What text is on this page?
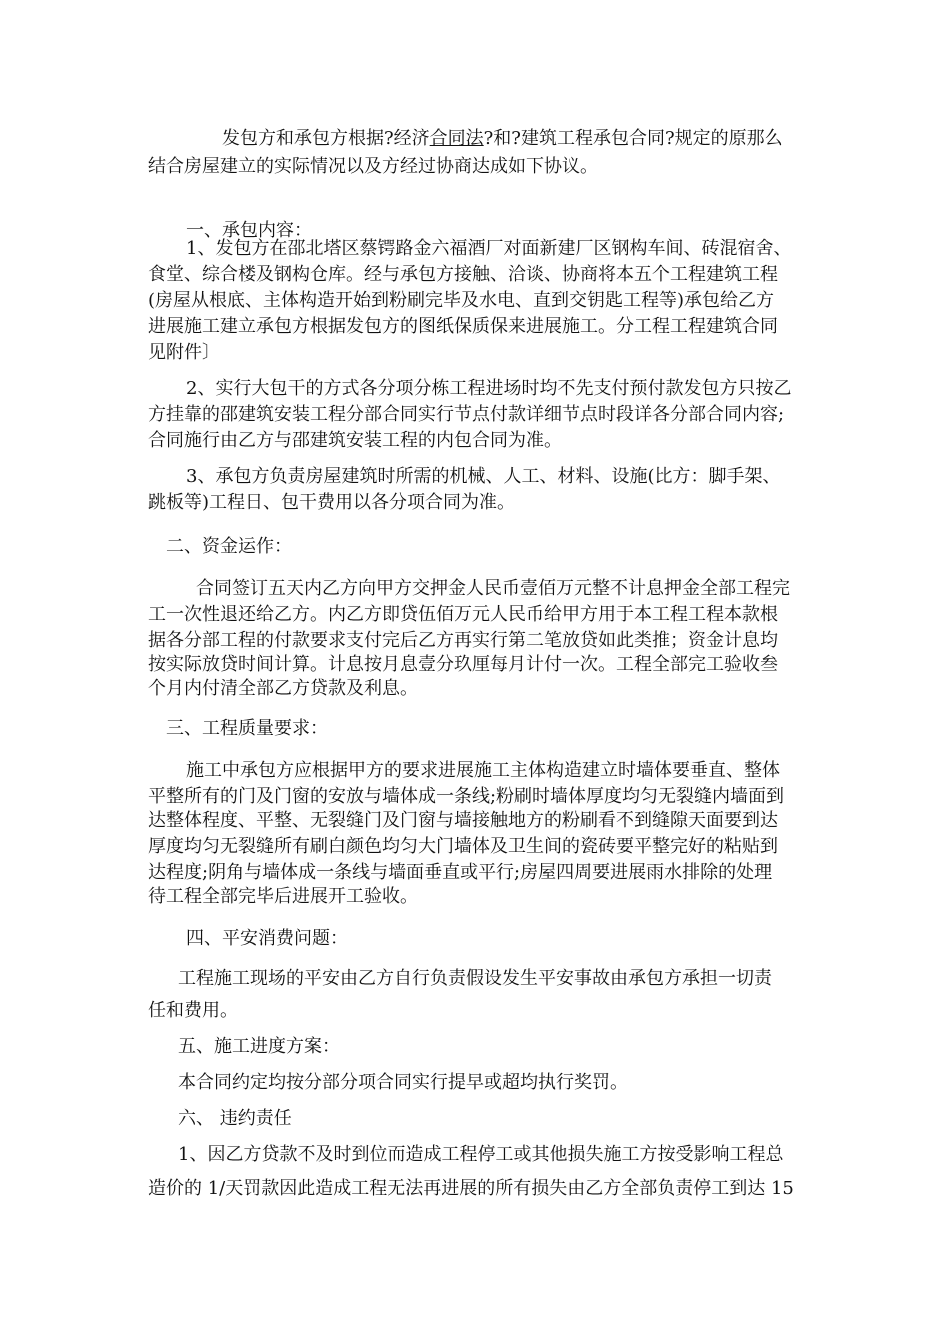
发包方和承包方根据?经济合同法?和?建筑工程承包合同?规定的原那么
结合房屋建立的实际情况以及方经过协商达成如下协议。
一、承包内容：
1、发包方在邵北塔区蔡锷路金六福酒厂对面新建厂区钢构车间、砖混宿舍、
食堂、综合楼及钢构仓库。经与承包方接触、洽谈、协商将本五个工程建筑工程
(房屋从根底、主体构造开始到粉刷完毕及水电、直到交钥匙工程等)承包给乙方
进展施工建立承包方根据发包方的图纸保质保来进展施工。分工程工程建筑合同
见附件〕
2、实行大包干的方式各分项分栋工程进场时均不先支付预付款发包方只按乙
方挂靠的邵建筑安装工程分部合同实行节点付款详细节点时段详各分部合同内容;
合同施行由乙方与邵建筑安装工程的内包合同为准。
3、承包方负责房屋建筑时所需的机械、人工、材料、设施(比方：脚手架、
跳板等)工程日、包干费用以各分项合同为准。
二、资金运作：
合同签订五天内乙方向甲方交押金人民币壹佰万元整不计息押金全部工程完
工一次性退还给乙方。内乙方即贷伍佰万元人民币给甲方用于本工程工程本款根
据各分部工程的付款要求支付完后乙方再实行第二笔放贷如此类推；资金计息均
按实际放贷时间计算。计息按月息壹分玖厘每月计付一次。工程全部完工验收叁
个月内付清全部乙方贷款及利息。
三、工程质量要求：
施工中承包方应根据甲方的要求进展施工主体构造建立时墙体要垂直、整体
平整所有的门及门窗的安放与墙体成一条线;粉刷时墙体厚度均匀无裂缝内墙面到
达整体程度、平整、无裂缝门及门窗与墙接触地方的粉刷看不到缝隙天面要到达
厚度均匀无裂缝所有刷白颜色均匀大门墙体及卫生间的瓷砖要平整完好的粘贴到
达程度;阴角与墙体成一条线与墙面垂直或平行;房屋四周要进展雨水排除的处理
待工程全部完毕后进展开工验收。
四、平安消费问题：
工程施工现场的平安由乙方自行负责假设发生平安事故由承包方承担一切责
任和费用。
五、施工进度方案：
本合同约定均按分部分项合同实行提早或超均执行奖罚。
六、 违约责任
1、因乙方贷款不及时到位而造成工程停工或其他损失施工方按受影响工程总
造价的 1/天罚款因此造成工程无法再进展的所有损失由乙方全部负责停工到达 15
